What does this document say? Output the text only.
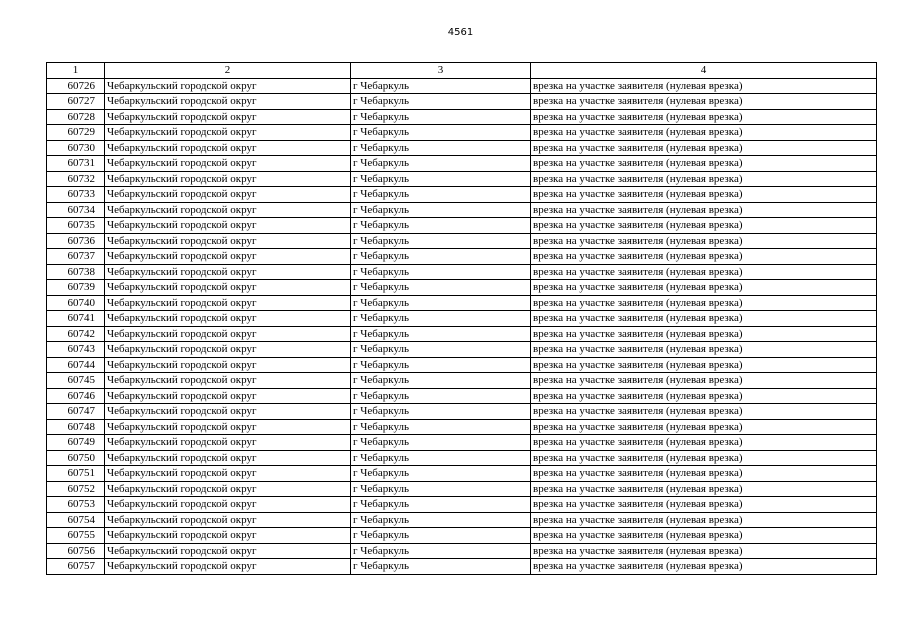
4561
1	2	3	4
60726	Чебаркульский городской округ	г Чебаркуль	врезка на участке заявителя (нулевая врезка)
60727	Чебаркульский городской округ	г Чебаркуль	врезка на участке заявителя (нулевая врезка)
60728	Чебаркульский городской округ	г Чебаркуль	врезка на участке заявителя (нулевая врезка)
60729	Чебаркульский городской округ	г Чебаркуль	врезка на участке заявителя (нулевая врезка)
60730	Чебаркульский городской округ	г Чебаркуль	врезка на участке заявителя (нулевая врезка)
60731	Чебаркульский городской округ	г Чебаркуль	врезка на участке заявителя (нулевая врезка)
60732	Чебаркульский городской округ	г Чебаркуль	врезка на участке заявителя (нулевая врезка)
60733	Чебаркульский городской округ	г Чебаркуль	врезка на участке заявителя (нулевая врезка)
60734	Чебаркульский городской округ	г Чебаркуль	врезка на участке заявителя (нулевая врезка)
60735	Чебаркульский городской округ	г Чебаркуль	врезка на участке заявителя (нулевая врезка)
60736	Чебаркульский городской округ	г Чебаркуль	врезка на участке заявителя (нулевая врезка)
60737	Чебаркульский городской округ	г Чебаркуль	врезка на участке заявителя (нулевая врезка)
60738	Чебаркульский городской округ	г Чебаркуль	врезка на участке заявителя (нулевая врезка)
60739	Чебаркульский городской округ	г Чебаркуль	врезка на участке заявителя (нулевая врезка)
60740	Чебаркульский городской округ	г Чебаркуль	врезка на участке заявителя (нулевая врезка)
60741	Чебаркульский городской округ	г Чебаркуль	врезка на участке заявителя (нулевая врезка)
60742	Чебаркульский городской округ	г Чебаркуль	врезка на участке заявителя (нулевая врезка)
60743	Чебаркульский городской округ	г Чебаркуль	врезка на участке заявителя (нулевая врезка)
60744	Чебаркульский городской округ	г Чебаркуль	врезка на участке заявителя (нулевая врезка)
60745	Чебаркульский городской округ	г Чебаркуль	врезка на участке заявителя (нулевая врезка)
60746	Чебаркульский городской округ	г Чебаркуль	врезка на участке заявителя (нулевая врезка)
60747	Чебаркульский городской округ	г Чебаркуль	врезка на участке заявителя (нулевая врезка)
60748	Чебаркульский городской округ	г Чебаркуль	врезка на участке заявителя (нулевая врезка)
60749	Чебаркульский городской округ	г Чебаркуль	врезка на участке заявителя (нулевая врезка)
60750	Чебаркульский городской округ	г Чебаркуль	врезка на участке заявителя (нулевая врезка)
60751	Чебаркульский городской округ	г Чебаркуль	врезка на участке заявителя (нулевая врезка)
60752	Чебаркульский городской округ	г Чебаркуль	врезка на участке заявителя (нулевая врезка)
60753	Чебаркульский городской округ	г Чебаркуль	врезка на участке заявителя (нулевая врезка)
60754	Чебаркульский городской округ	г Чебаркуль	врезка на участке заявителя (нулевая врезка)
60755	Чебаркульский городской округ	г Чебаркуль	врезка на участке заявителя (нулевая врезка)
60756	Чебаркульский городской округ	г Чебаркуль	врезка на участке заявителя (нулевая врезка)
60757	Чебаркульский городской округ	г Чебаркуль	врезка на участке заявителя (нулевая врезка)
